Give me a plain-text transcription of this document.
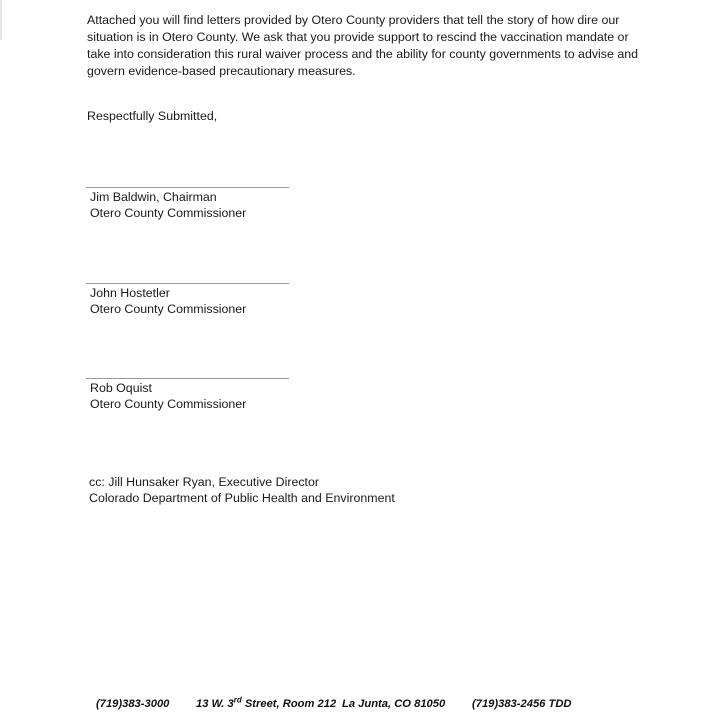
Attached you will find letters provided by Otero County providers that tell the story of how dire our
situation is in Otero County. We ask that you provide support to rescind the vaccination mandate or
take into consideration this rural waiver process and the ability for county governments to advise and
govern evidence-based precautionary measures.
Respectfully Submitted,
Jim Baldwin, Chairman
Otero County Commissioner
John Hostetler
Otero County Commissioner
Rob Oquist
Otero County Commissioner
cc: Jill Hunsaker Ryan, Executive Director
Colorado Department of Public Health and Environment
(719)383-3000 13 W. 3rd Street, Room 212 La Junta, CO 81050 (719)383-2456 TDD
